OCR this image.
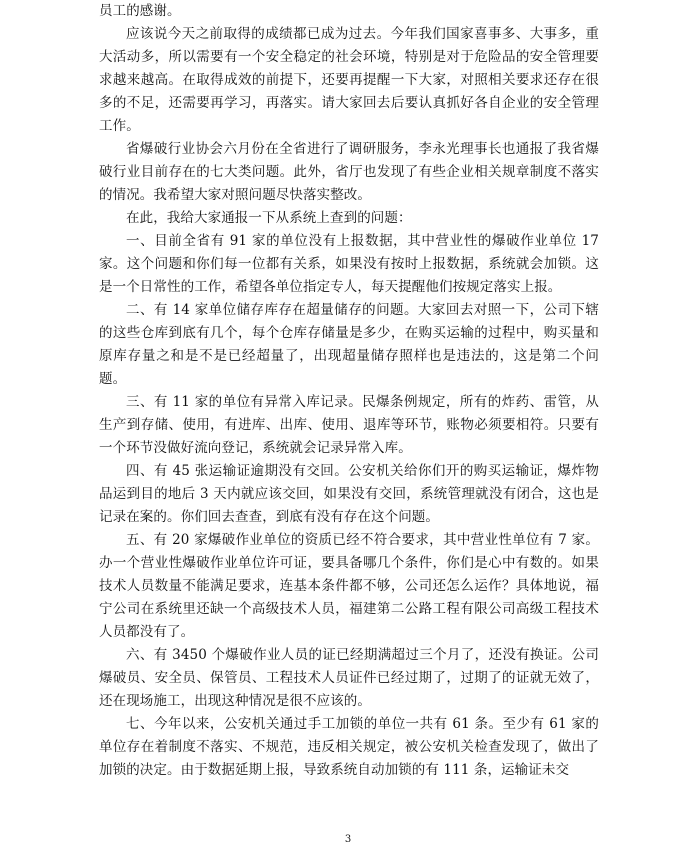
员工的感谢。

应该说今天之前取得的成绩都已成为过去。今年我们国家喜事多、大事多，重大活动多，所以需要有一个安全稳定的社会环境，特别是对于危险品的安全管理要求越来越高。在取得成效的前提下，还要再提醒一下大家，对照相关要求还存在很多的不足，还需要再学习，再落实。请大家回去后要认真抓好各自企业的安全管理工作。

省爆破行业协会六月份在全省进行了调研服务，李永光理事长也通报了我省爆破行业目前存在的七大类问题。此外，省厅也发现了有些企业相关规章制度不落实的情况。我希望大家对照问题尽快落实整改。

在此，我给大家通报一下从系统上查到的问题：

一、目前全省有 91 家的单位没有上报数据，其中营业性的爆破作业单位 17 家。这个问题和你们每一位都有关系，如果没有按时上报数据，系统就会加锁。这是一个日常性的工作，希望各单位指定专人，每天提醒他们按规定落实上报。

二、有 14 家单位储存库存在超量储存的问题。大家回去对照一下，公司下辖的这些仓库到底有几个，每个仓库存储量是多少，在购买运输的过程中，购买量和原库存量之和是不是已经超量了，出现超量储存照样也是违法的，这是第二个问题。

三、有 11 家的单位有异常入库记录。民爆条例规定，所有的炸药、雷管，从生产到存储、使用，有进库、出库、使用、退库等环节，账物必须要相符。只要有一个环节没做好流向登记，系统就会记录异常入库。

四、有 45 张运输证逾期没有交回。公安机关给你们开的购买运输证，爆炸物品运到目的地后 3 天内就应该交回，如果没有交回，系统管理就没有闭合，这也是记录在案的。你们回去查查，到底有没有存在这个问题。

五、有 20 家爆破作业单位的资质已经不符合要求，其中营业性单位有 7 家。办一个营业性爆破作业单位许可证，要具备哪几个条件，你们是心中有数的。如果技术人员数量不能满足要求，连基本条件都不够，公司还怎么运作？具体地说，福宁公司在系统里还缺一个高级技术人员，福建第二公路工程有限公司高级工程技术人员都没有了。

六、有 3450 个爆破作业人员的证已经期满超过三个月了，还没有换证。公司爆破员、安全员、保管员、工程技术人员证件已经过期了，过期了的证就无效了，还在现场施工，出现这种情况是很不应该的。

七、今年以来，公安机关通过手工加锁的单位一共有 61 条。至少有 61 家的单位存在着制度不落实、不规范，违反相关规定，被公安机关检查发现了，做出了加锁的决定。由于数据延期上报，导致系统自动加锁的有 111 条，运输证未交

3
